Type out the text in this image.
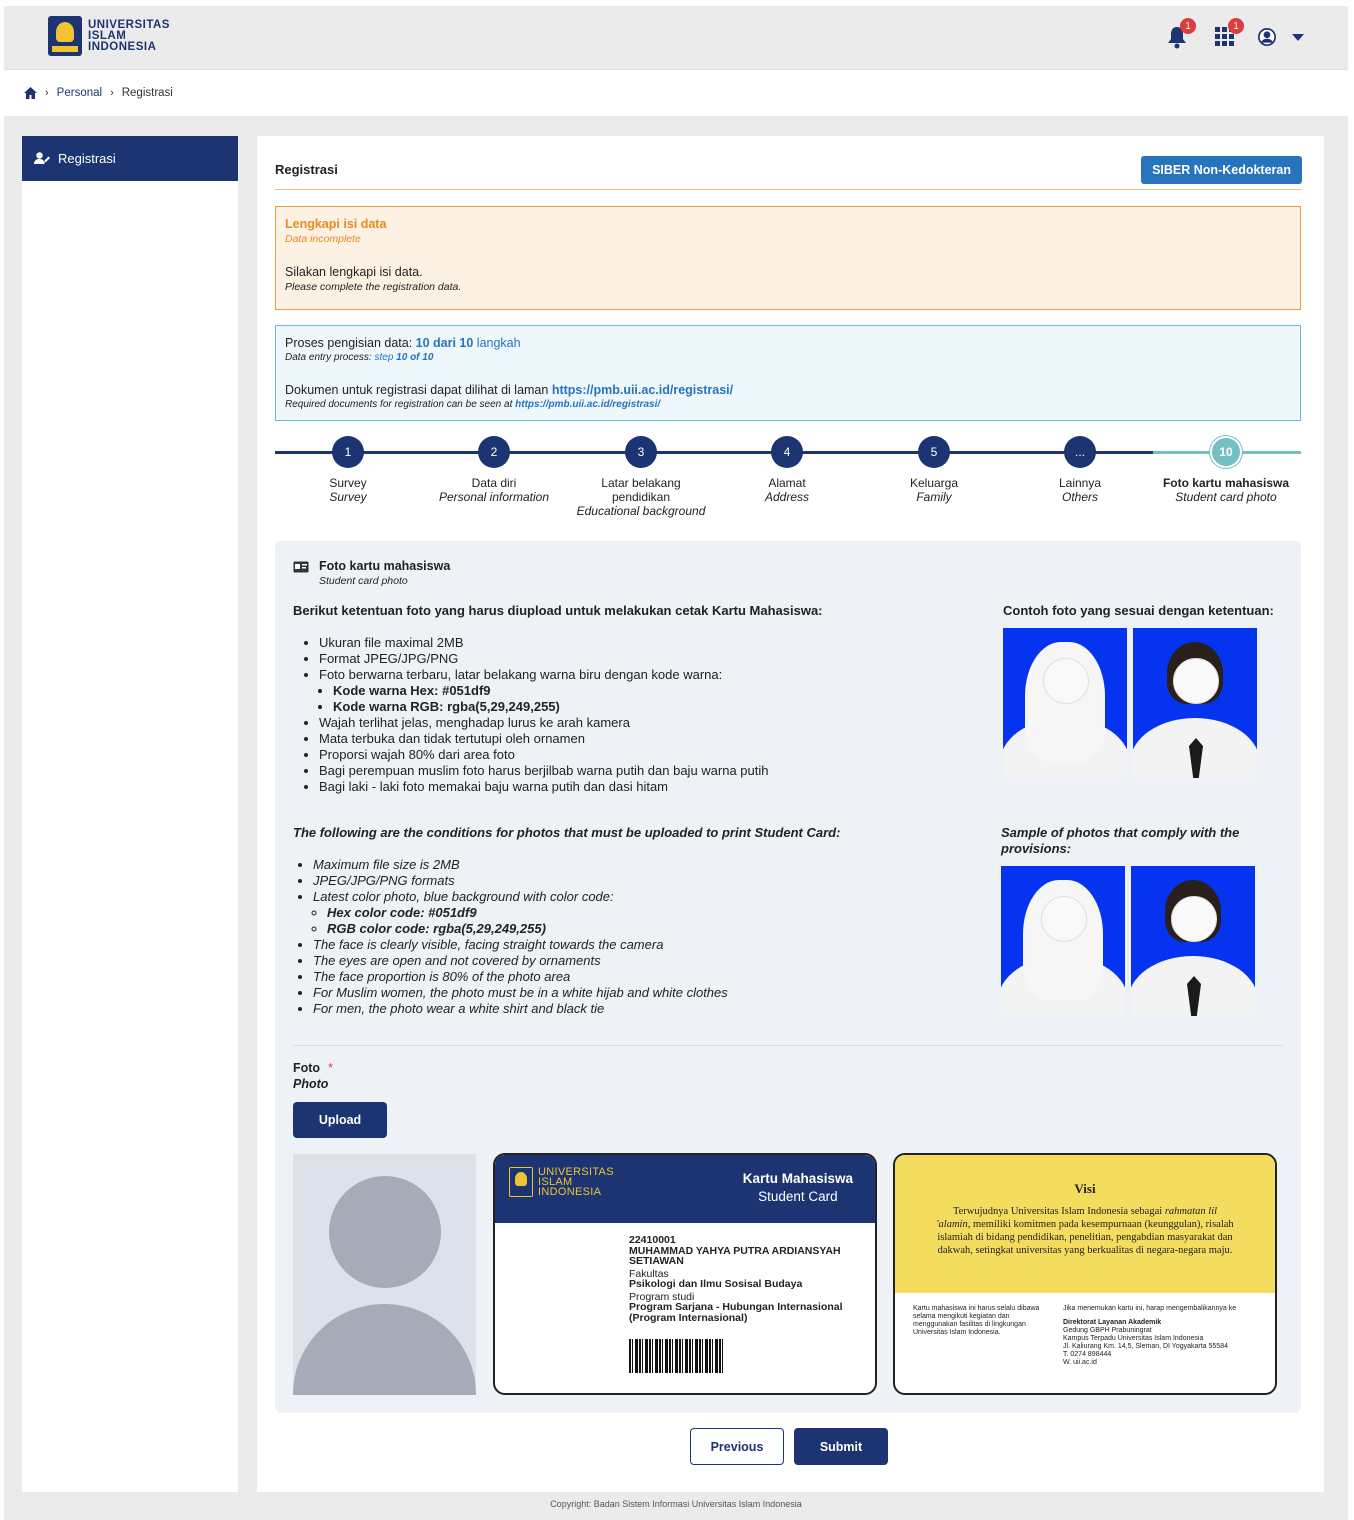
UNIVERSITAS
ISLAM
INDONESIA
1	1
› Personal › Registrasi
Registrasi
Registrasi	SIBER Non-Kedokteran
Lengkapi isi data
Data incomplete
Silakan lengkapi isi data.
Please complete the registration data.
Proses pengisian data: 10 dari 10 langkah
Data entry process: step 10 of 10
Dokumen untuk registrasi dapat dilihat di laman https://pmb.uii.ac.id/registrasi/
Required documents for registration can be seen at https://pmb.uii.ac.id/registrasi/
1
Survey
Survey
2
Data diri
Personal information
3
Latar belakang pendidikan
Educational background
4
Alamat
Address
5
Keluarga
Family
...
Lainnya
Others
10
Foto kartu mahasiswa
Student card photo
Foto kartu mahasiswa
Student card photo
Berikut ketentuan foto yang harus diupload untuk melakukan cetak Kartu Mahasiswa:
• Ukuran file maximal 2MB
• Format JPEG/JPG/PNG
• Foto berwarna terbaru, latar belakang warna biru dengan kode warna:
• Kode warna Hex: #051df9
• Kode warna RGB: rgba(5,29,249,255)
• Wajah terlihat jelas, menghadap lurus ke arah kamera
• Mata terbuka dan tidak tertutupi oleh ornamen
• Proporsi wajah 80% dari area foto
• Bagi perempuan muslim foto harus berjilbab warna putih dan baju warna putih
• Bagi laki - laki foto memakai baju warna putih dan dasi hitam
The following are the conditions for photos that must be uploaded to print Student Card:
• Maximum file size is 2MB
• JPEG/JPG/PNG formats
• Latest color photo, blue background with color code:
◦ Hex color code: #051df9
◦ RGB color code: rgba(5,29,249,255)
• The face is clearly visible, facing straight towards the camera
• The eyes are open and not covered by ornaments
• The face proportion is 80% of the photo area
• For Muslim women, the photo must be in a white hijab and white clothes
• For men, the photo wear a white shirt and black tie
Contoh foto yang sesuai dengan ketentuan:
Sample of photos that comply with the provisions:
Foto *
Photo
Upload
UNIVERSITAS
ISLAM
INDONESIA
Kartu Mahasiswa
Student Card
22410001
MUHAMMAD YAHYA PUTRA ARDIANSYAH SETIAWAN
Fakultas
Psikologi dan Ilmu Sosisal Budaya
Program studi
Program Sarjana - Hubungan Internasional (Program Internasional)
Visi
Terwujudnya Universitas Islam Indonesia sebagai rahmatan lil 'alamin, memiliki komitmen pada kesempurnaan (keunggulan), risalah islamiah di bidang pendidikan, penelitian, pengabdian masyarakat dan dakwah, setingkat universitas yang berkualitas di negara-negara maju.
Kartu mahasiswa ini harus selalu dibawa selama mengikuti kegiatan dan menggunakan fasilitas di lingkungan Universitas Islam Indonesia.
Jika menemukan kartu ini, harap mengembalikannya ke
Direktorat Layanan Akademik
Gedung GBPH Prabuningrat
Kampus Terpadu Universitas Islam Indonesia
Jl. Kaliurang Km. 14,5, Sleman, DI Yogyakarta 55584
T. 0274 898444
W. uii.ac.id
Previous	Submit
Copyright: Badan Sistem Informasi Universitas Islam Indonesia
